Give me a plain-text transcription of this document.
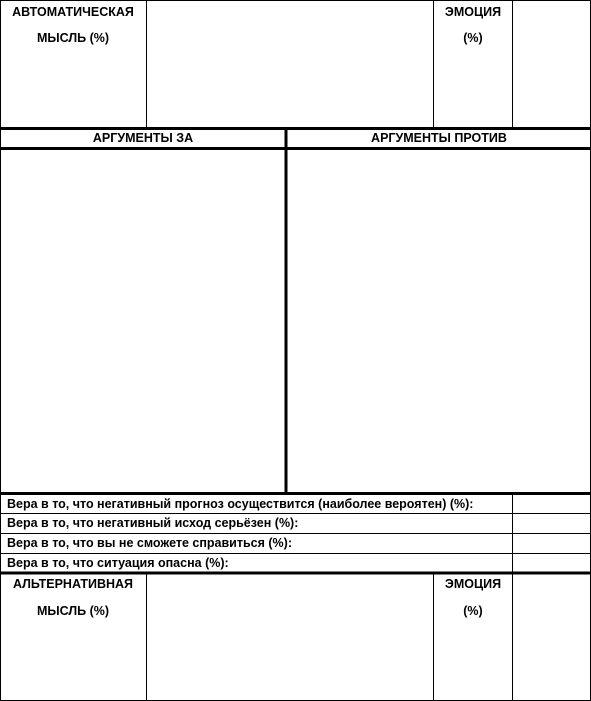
АВТОМАТИЧЕСКАЯ
МЫСЛЬ (%)
ЭМОЦИЯ
(%)
АРГУМЕНТЫ ЗА	АРГУМЕНТЫ ПРОТИВ
Вера в то, что негативный прогноз осуществится (наиболее вероятен) (%):
Вера в то, что негативный исход серьёзен (%):
Вера в то, что вы не сможете справиться (%):
Вера в то, что ситуация опасна (%):
АЛЬТЕРНАТИВНАЯ
МЫСЛЬ (%)
ЭМОЦИЯ
(%)
